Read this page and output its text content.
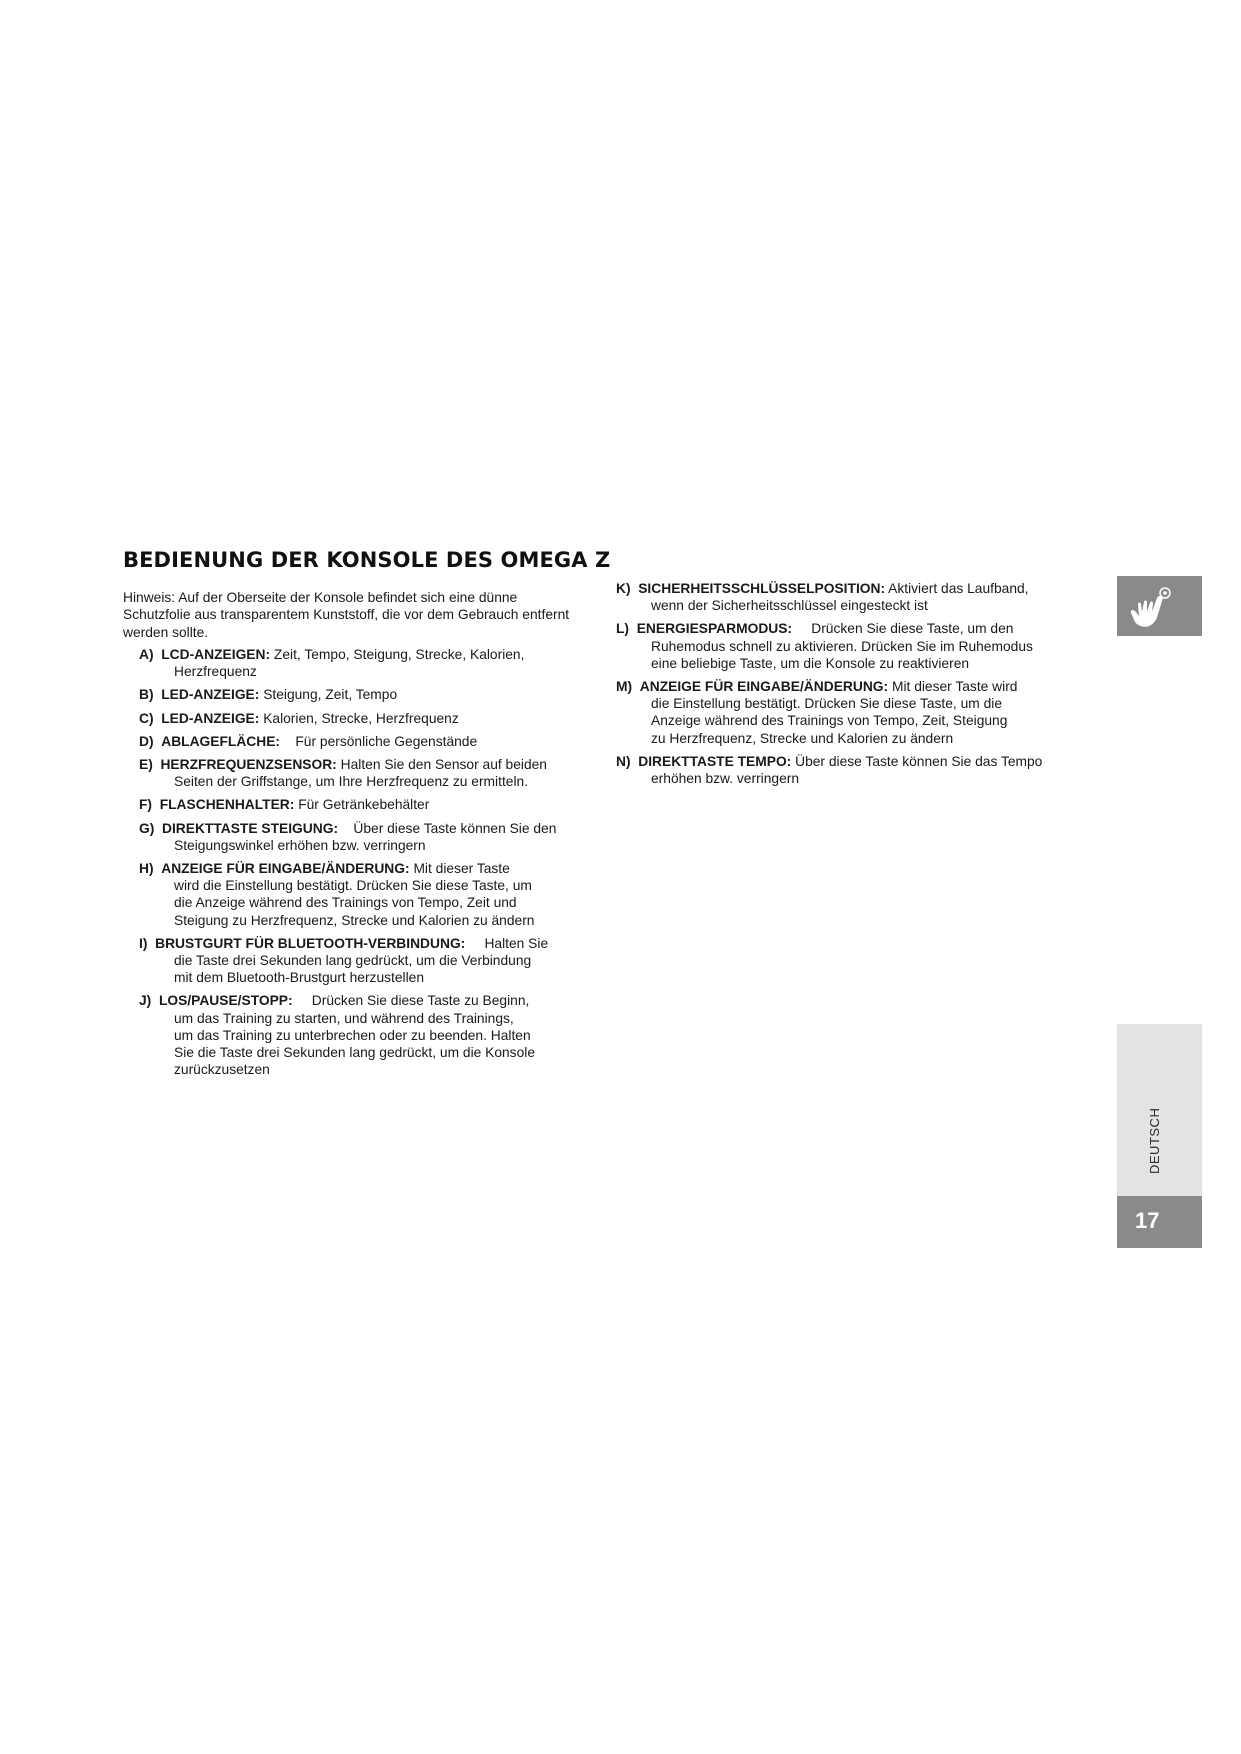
BEDIENUNG DER KONSOLE DES OMEGA Z
Hinweis: Auf der Oberseite der Konsole befindet sich eine dünne Schutzfolie aus transparentem Kunststoff, die vor dem Gebrauch entfernt werden sollte.
A) LCD-ANZEIGEN: Zeit, Tempo, Steigung, Strecke, Kalorien,
Herzfrequenz
B) LED-ANZEIGE: Steigung, Zeit, Tempo
C) LED-ANZEIGE: Kalorien, Strecke, Herzfrequenz
D) ABLAGEFLÄCHE:    Für persönliche Gegenstände
E) HERZFREQUENZSENSOR: Halten Sie den Sensor auf beiden
Seiten der Griffstange, um Ihre Herzfrequenz zu ermitteln.
F) FLASCHENHALTER: Für Getränkebehälter
G) DIREKTTASTE STEIGUNG:    Über diese Taste können Sie den
Steigungswinkel erhöhen bzw. verringern
H) ANZEIGE FÜR EINGABE/ÄNDERUNG: Mit dieser Taste
wird die Einstellung bestätigt. Drücken Sie diese Taste, um
die Anzeige während des Trainings von Tempo, Zeit und
Steigung zu Herzfrequenz, Strecke und Kalorien zu ändern
I) BRUSTGURT FÜR BLUETOOTH-VERBINDUNG:     Halten Sie
die Taste drei Sekunden lang gedrückt, um die Verbindung
mit dem Bluetooth-Brustgurt herzustellen
J) LOS/PAUSE/STOPP:     Drücken Sie diese Taste zu Beginn,
um das Training zu starten, und während des Trainings,
um das Training zu unterbrechen oder zu beenden. Halten
Sie die Taste drei Sekunden lang gedrückt, um die Konsole
zurückzusetzen
K) SICHERHEITSSCHLÜSSELPOSITION: Aktiviert das Laufband,
wenn der Sicherheitsschlüssel eingesteckt ist
L) ENERGIESPARMODUS:     Drücken Sie diese Taste, um den
Ruhemodus schnell zu aktivieren. Drücken Sie im Ruhemodus
eine beliebige Taste, um die Konsole zu reaktivieren
M) ANZEIGE FÜR EINGABE/ÄNDERUNG: Mit dieser Taste wird
die Einstellung bestätigt. Drücken Sie diese Taste, um die
Anzeige während des Trainings von Tempo, Zeit, Steigung
zu Herzfrequenz, Strecke und Kalorien zu ändern
N) DIREKTTASTE TEMPO: Über diese Taste können Sie das Tempo
erhöhen bzw. verringern
DEUTSCH
17
